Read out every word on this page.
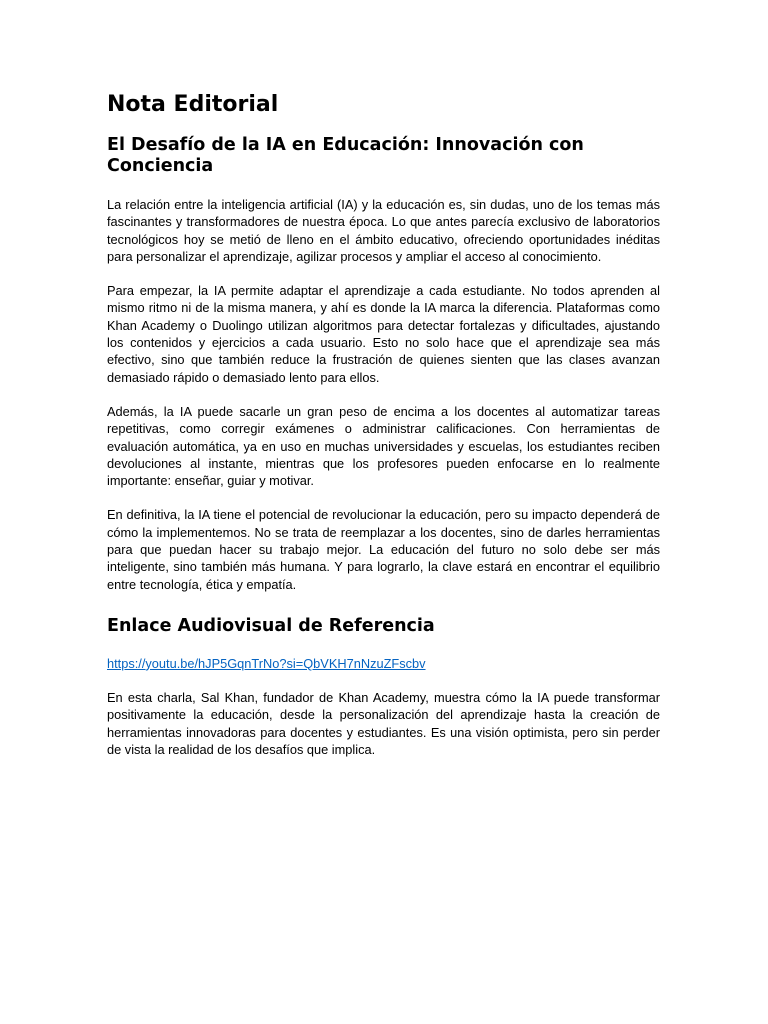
Nota Editorial
El Desafío de la IA en Educación: Innovación con Conciencia

La relación entre la inteligencia artificial (IA) y la educación es, sin dudas, uno de los temas más fascinantes y transformadores de nuestra época. Lo que antes parecía exclusivo de laboratorios tecnológicos hoy se metió de lleno en el ámbito educativo, ofreciendo oportunidades inéditas para personalizar el aprendizaje, agilizar procesos y ampliar el acceso al conocimiento.

Para empezar, la IA permite adaptar el aprendizaje a cada estudiante. No todos aprenden al mismo ritmo ni de la misma manera, y ahí es donde la IA marca la diferencia. Plataformas como Khan Academy o Duolingo utilizan algoritmos para detectar fortalezas y dificultades, ajustando los contenidos y ejercicios a cada usuario. Esto no solo hace que el aprendizaje sea más efectivo, sino que también reduce la frustración de quienes sienten que las clases avanzan demasiado rápido o demasiado lento para ellos.

Además, la IA puede sacarle un gran peso de encima a los docentes al automatizar tareas repetitivas, como corregir exámenes o administrar calificaciones. Con herramientas de evaluación automática, ya en uso en muchas universidades y escuelas, los estudiantes reciben devoluciones al instante, mientras que los profesores pueden enfocarse en lo realmente importante: enseñar, guiar y motivar.

En definitiva, la IA tiene el potencial de revolucionar la educación, pero su impacto dependerá de cómo la implementemos. No se trata de reemplazar a los docentes, sino de darles herramientas para que puedan hacer su trabajo mejor. La educación del futuro no solo debe ser más inteligente, sino también más humana. Y para lograrlo, la clave estará en encontrar el equilibrio entre tecnología, ética y empatía.

Enlace Audiovisual de Referencia
https://youtu.be/hJP5GqnTrNo?si=QbVKH7nNzuZFscbv

En esta charla, Sal Khan, fundador de Khan Academy, muestra cómo la IA puede transformar positivamente la educación, desde la personalización del aprendizaje hasta la creación de herramientas innovadoras para docentes y estudiantes. Es una visión optimista, pero sin perder de vista la realidad de los desafíos que implica.
